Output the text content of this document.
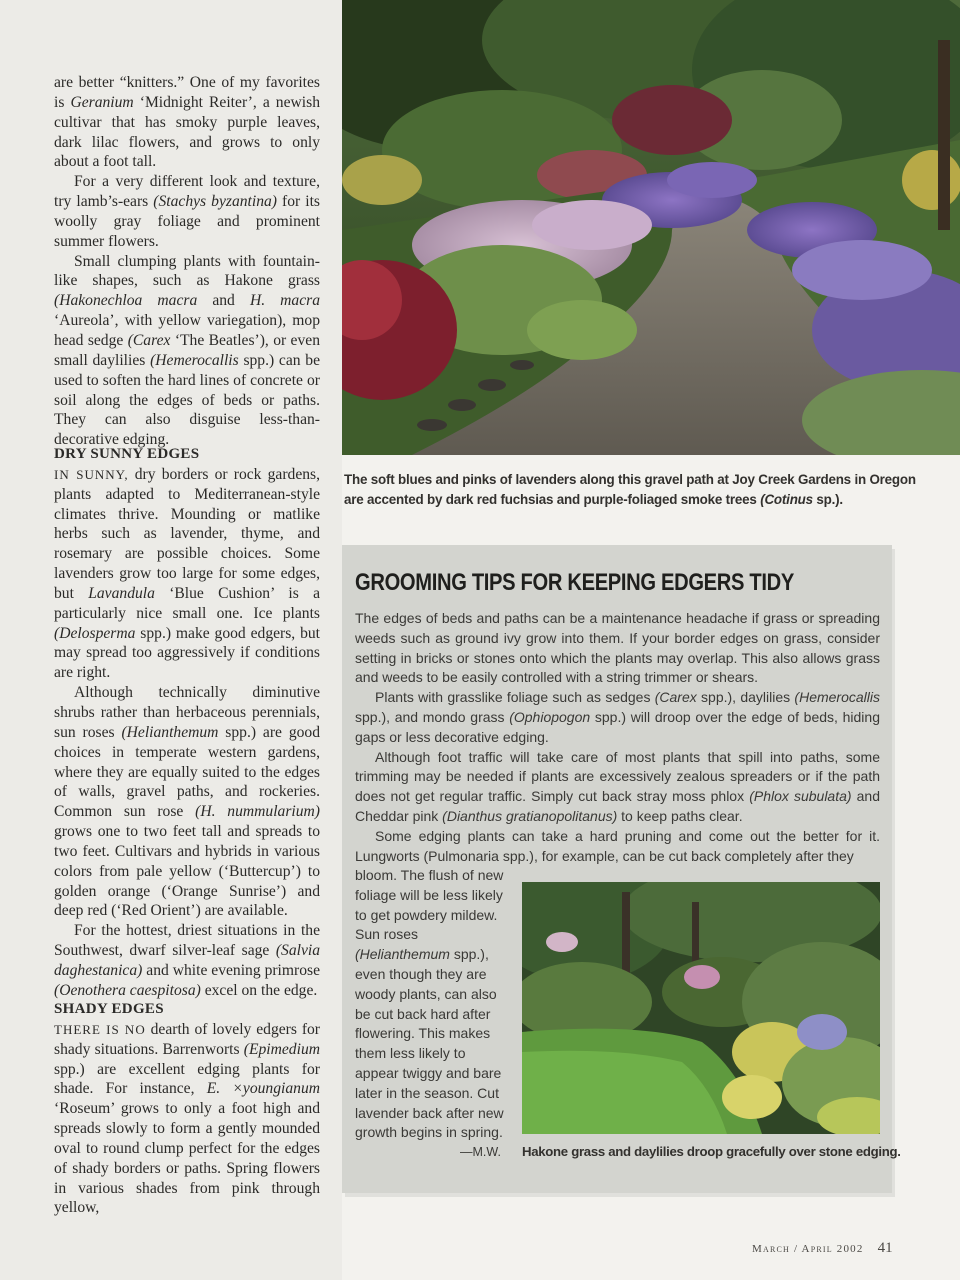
are better “knitters.” One of my favorites is Geranium ‘Midnight Reiter’, a newish cultivar that has smoky purple leaves, dark lilac flowers, and grows to only about a foot tall.

For a very different look and texture, try lamb’s-ears (Stachys byzantina) for its woolly gray foliage and prominent summer flowers.

Small clumping plants with fountain-like shapes, such as Hakone grass (Hakonechloa macra and H. macra ‘Aureola’, with yellow variegation), mop head sedge (Carex ‘The Beatles’), or even small daylilies (Hemerocallis spp.) can be used to soften the hard lines of concrete or soil along the edges of beds or paths. They can also disguise less-than-decorative edging.

DRY SUNNY EDGES

IN SUNNY, dry borders or rock gardens, plants adapted to Mediterranean-style climates thrive. Mounding or matlike herbs such as lavender, thyme, and rosemary are possible choices. Some lavenders grow too large for some edges, but Lavandula ‘Blue Cushion’ is a particularly nice small one. Ice plants (Delosperma spp.) make good edgers, but may spread too aggressively if conditions are right.

Although technically diminutive shrubs rather than herbaceous perennials, sun roses (Helianthemum spp.) are good choices in temperate western gardens, where they are equally suited to the edges of walls, gravel paths, and rockeries. Common sun rose (H. nummularium) grows one to two feet tall and spreads to two feet. Cultivars and hybrids in various colors from pale yellow (‘Buttercup’) to golden orange (‘Orange Sunrise’) and deep red (‘Red Orient’) are available.

For the hottest, driest situations in the Southwest, dwarf silver-leaf sage (Salvia daghestanica) and white evening primrose (Oenothera caespitosa) excel on the edge.

SHADY EDGES

THERE IS NO dearth of lovely edgers for shady situations. Barrenworts (Epimedium spp.) are excellent edging plants for shade. For instance, E. ×youngianum ‘Roseum’ grows to only a foot high and spreads slowly to form a gently mounded oval to round clump perfect for the edges of shady borders or paths. Spring flowers in various shades from pink through yellow,

The soft blues and pinks of lavenders along this gravel path at Joy Creek Gardens in Oregon are accented by dark red fuchsias and purple-foliaged smoke trees (Cotinus sp.).
GROOMING TIPS FOR KEEPING EDGERS TIDY

The edges of beds and paths can be a maintenance headache if grass or spreading weeds such as ground ivy grow into them. If your border edges on grass, consider setting in bricks or stones onto which the plants may overlap. This also allows grass and weeds to be easily controlled with a string trimmer or shears.

Plants with grasslike foliage such as sedges (Carex spp.), daylilies (Hemerocallis spp.), and mondo grass (Ophiopogon spp.) will droop over the edge of beds, hiding gaps or less decorative edging.

Although foot traffic will take care of most plants that spill into paths, some trimming may be needed if plants are excessively zealous spreaders or if the path does not get regular traffic. Simply cut back stray moss phlox (Phlox subulata) and Cheddar pink (Dianthus gratianopolitanus) to keep paths clear.

Some edging plants can take a hard pruning and come out the better for it. Lungworts (Pulmonaria spp.), for example, can be cut back completely after they

bloom. The flush of new foliage will be less likely to get powdery mildew. Sun roses (Helianthemum spp.), even though they are woody plants, can also be cut back hard after flowering. This makes them less likely to appear twiggy and bare later in the season. Cut lavender back after new growth begins in spring.

—M.W. Hakone grass and daylilies droop gracefully over stone edging.
March / April 2002 41
